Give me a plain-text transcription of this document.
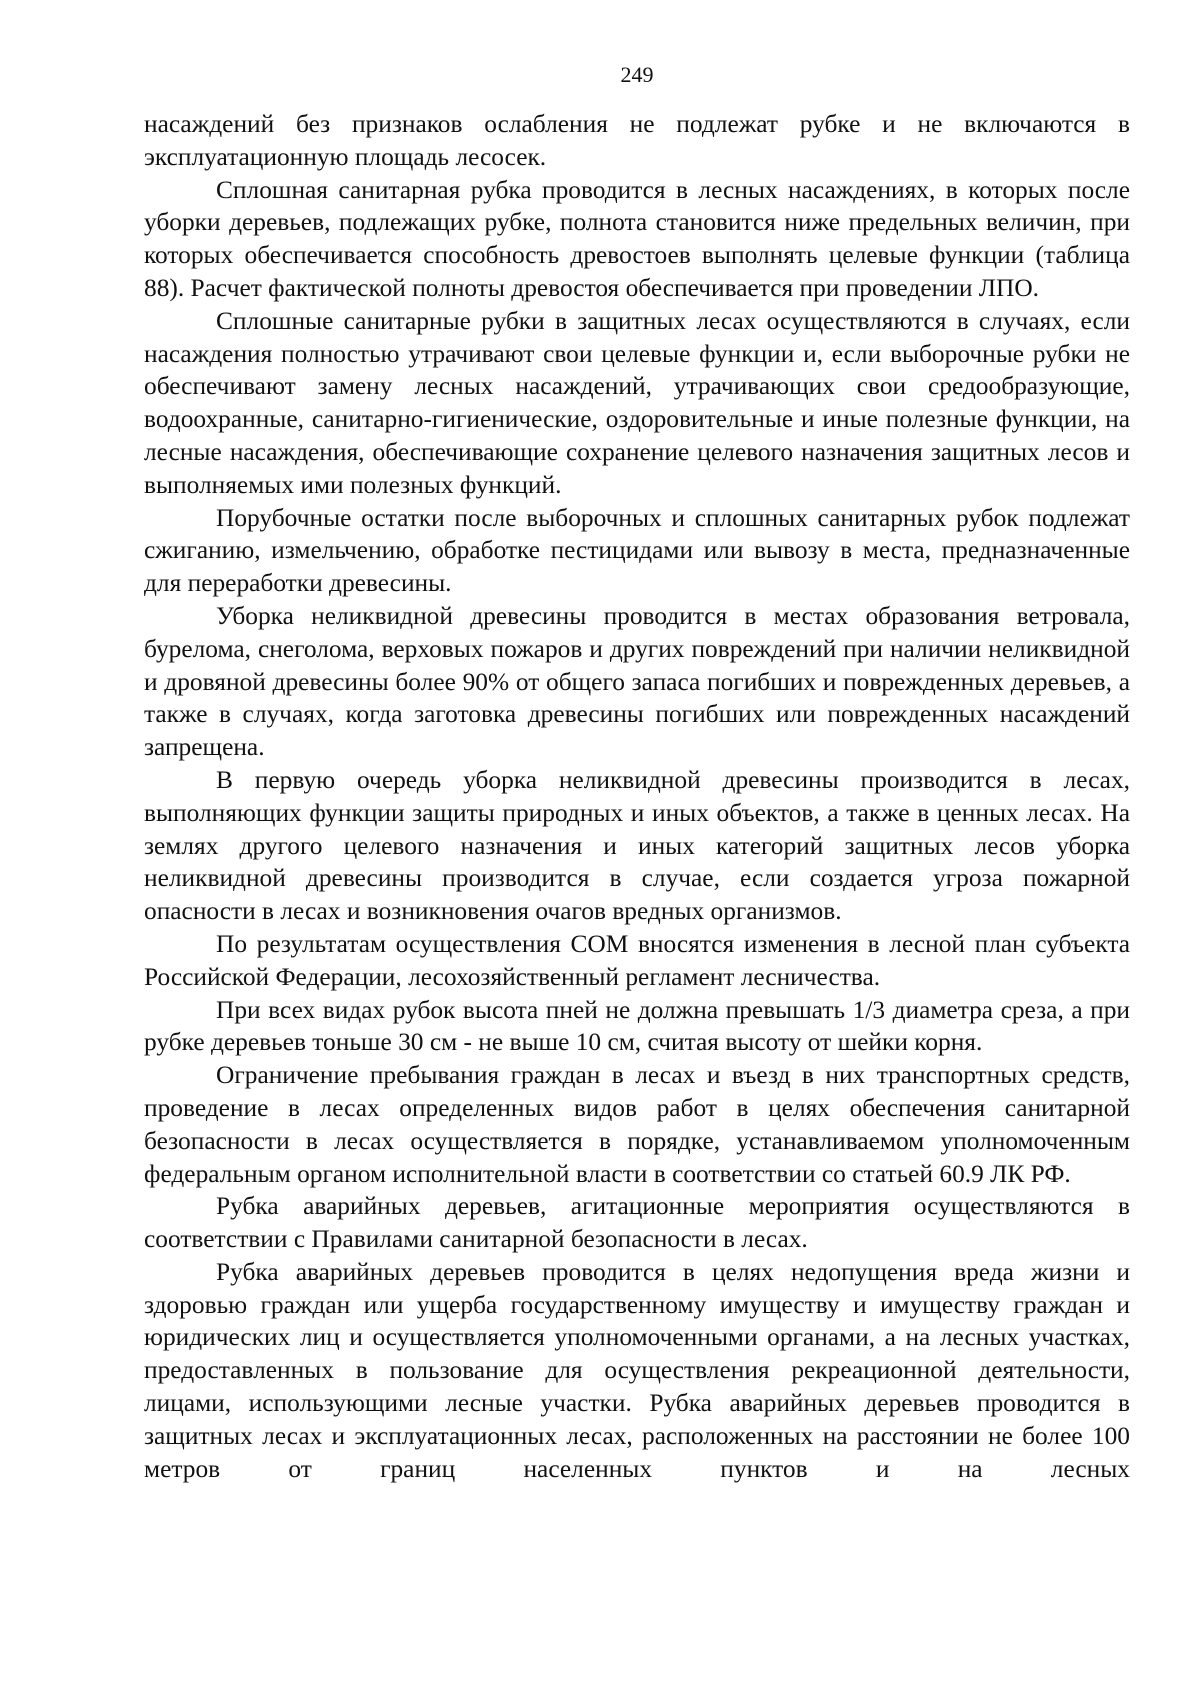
249

насаждений без признаков ослабления не подлежат рубке и не включаются в эксплуатационную площадь лесосек.

Сплошная санитарная рубка проводится в лесных насаждениях, в которых после уборки деревьев, подлежащих рубке, полнота становится ниже предельных величин, при которых обеспечивается способность древостоев выполнять целевые функции (таблица 88). Расчет фактической полноты древостоя обеспечивается при проведении ЛПО.

Сплошные санитарные рубки в защитных лесах осуществляются в случаях, если насаждения полностью утрачивают свои целевые функции и, если выборочные рубки не обеспечивают замену лесных насаждений, утрачивающих свои средообразующие, водоохранные, санитарно-гигиенические, оздоровительные и иные полезные функции, на лесные насаждения, обеспечивающие сохранение целевого назначения защитных лесов и выполняемых ими полезных функций.

Порубочные остатки после выборочных и сплошных санитарных рубок подлежат сжиганию, измельчению, обработке пестицидами или вывозу в места, предназначенные для переработки древесины.

Уборка неликвидной древесины проводится в местах образования ветровала, бурелома, снеголома, верховых пожаров и других повреждений при наличии неликвидной и дровяной древесины более 90% от общего запаса погибших и поврежденных деревьев, а также в случаях, когда заготовка древесины погибших или поврежденных насаждений запрещена.

В первую очередь уборка неликвидной древесины производится в лесах, выполняющих функции защиты природных и иных объектов, а также в ценных лесах. На землях другого целевого назначения и иных категорий защитных лесов уборка неликвидной древесины производится в случае, если создается угроза пожарной опасности в лесах и возникновения очагов вредных организмов.

По результатам осуществления СОМ вносятся изменения в лесной план субъекта Российской Федерации, лесохозяйственный регламент лесничества.

При всех видах рубок высота пней не должна превышать 1/3 диаметра среза, а при рубке деревьев тоньше 30 см - не выше 10 см, считая высоту от шейки корня.

Ограничение пребывания граждан в лесах и въезд в них транспортных средств, проведение в лесах определенных видов работ в целях обеспечения санитарной безопасности в лесах осуществляется в порядке, устанавливаемом уполномоченным федеральным органом исполнительной власти в соответствии со статьей 60.9 ЛК РФ.

Рубка аварийных деревьев, агитационные мероприятия осуществляются в соответствии с Правилами санитарной безопасности в лесах.

Рубка аварийных деревьев проводится в целях недопущения вреда жизни и здоровью граждан или ущерба государственному имуществу и имуществу граждан и юридических лиц и осуществляется уполномоченными органами, а на лесных участках, предоставленных в пользование для осуществления рекреационной деятельности, лицами, использующими лесные участки. Рубка аварийных деревьев проводится в защитных лесах и эксплуатационных лесах, расположенных на расстоянии не более 100 метров от границ населенных пунктов и на лесных
